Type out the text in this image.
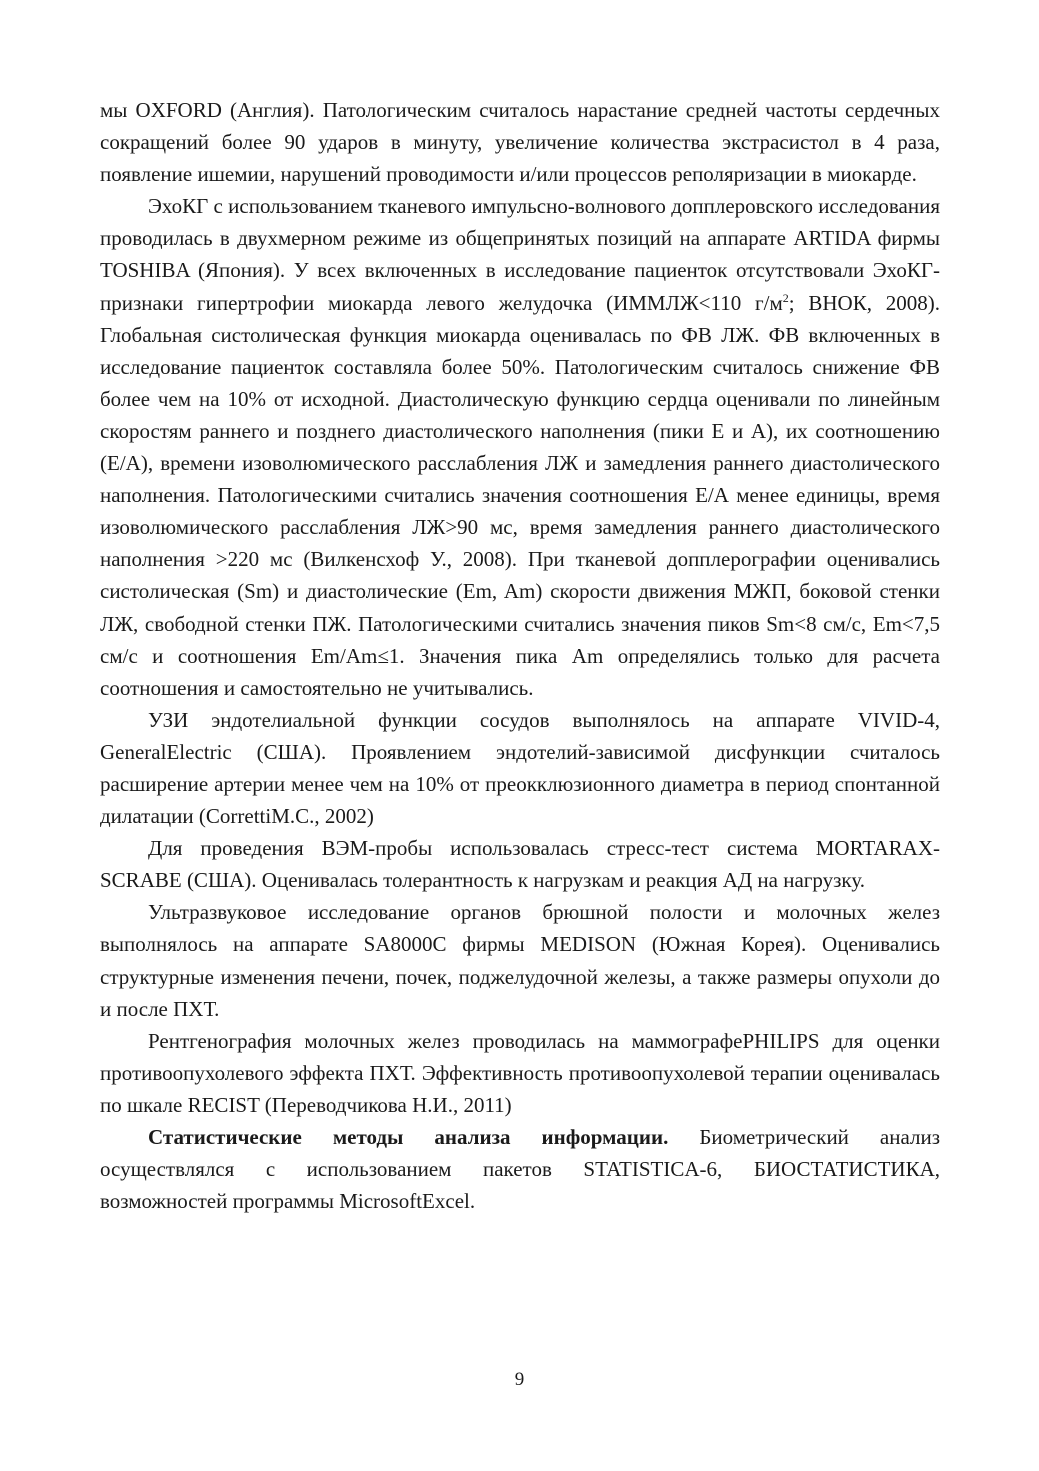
мы OXFORD (Англия). Патологическим считалось нарастание средней частоты сердечных сокращений более 90 ударов в минуту, увеличение количества экстрасистол в 4 раза, появление ишемии, нарушений проводимости и/или процессов реполяризации в миокарде.

ЭхоКГ с использованием тканевого импульсно-волнового допплеровского исследования проводилась в двухмерном режиме из общепринятых позиций на аппарате ARTIDA фирмы TOSHIBA (Япония). У всех включенных в исследование пациенток отсутствовали ЭхоКГ-признаки гипертрофии миокарда левого желудочка (ИММЛЖ<110 $г/м^2$; ВНОК, 2008). Глобальная систолическая функция миокарда оценивалась по ФВ ЛЖ. ФВ включенных в исследование пациенток составляла более 50%. Патологическим считалось снижение ФВ более чем на 10% от исходной. Диастолическую функцию сердца оценивали по линейным скоростям раннего и позднего диастолического наполнения (пики Е и А), их соотношению (Е/А), времени изоволюмического расслабления ЛЖ и замедления раннего диастолического наполнения. Патологическими считались значения соотношения Е/А менее единицы, время изоволюмического расслабления ЛЖ>90 мс, время замедления раннего диастолического наполнения >220 мс (Вилкенсхоф У., 2008). При тканевой допплерографии оценивались систолическая (Sm) и диастолические (Em, Am) скорости движения МЖП, боковой стенки ЛЖ, свободной стенки ПЖ. Патологическими считались значения пиков Sm<8 см/с, Em<7,5 см/с и соотношения Em/Am≤1. Значения пика Am определялись только для расчета соотношения и самостоятельно не учитывались.

УЗИ эндотелиальной функции сосудов выполнялось на аппарате VIVID-4, GeneralElectric (США). Проявлением эндотелий-зависимой дисфункции считалось расширение артерии менее чем на 10% от преокклюзионного диаметра в период спонтанной дилатации (CorrettiM.C., 2002)

Для проведения ВЭМ-пробы использовалась стресс-тест система MORTARAX-SCRABE (США). Оценивалась толерантность к нагрузкам и реакция АД на нагрузку.

Ультразвуковое исследование органов брюшной полости и молочных желез выполнялось на аппарате SA8000C фирмы MEDISON (Южная Корея). Оценивались структурные изменения печени, почек, поджелудочной железы, а также размеры опухоли до и после ПХТ.

Рентгенография молочных желез проводилась на маммографеPHILIPS для оценки противоопухолевого эффекта ПХТ. Эффективность противоопухолевой терапии оценивалась по шкале RECIST (Переводчикова Н.И., 2011)

Статистические методы анализа информации. Биометрический анализ осуществлялся с использованием пакетов STATISTICA-6, БИОСТАТИСТИКА, возможностей программы MicrosoftExcel.

9
